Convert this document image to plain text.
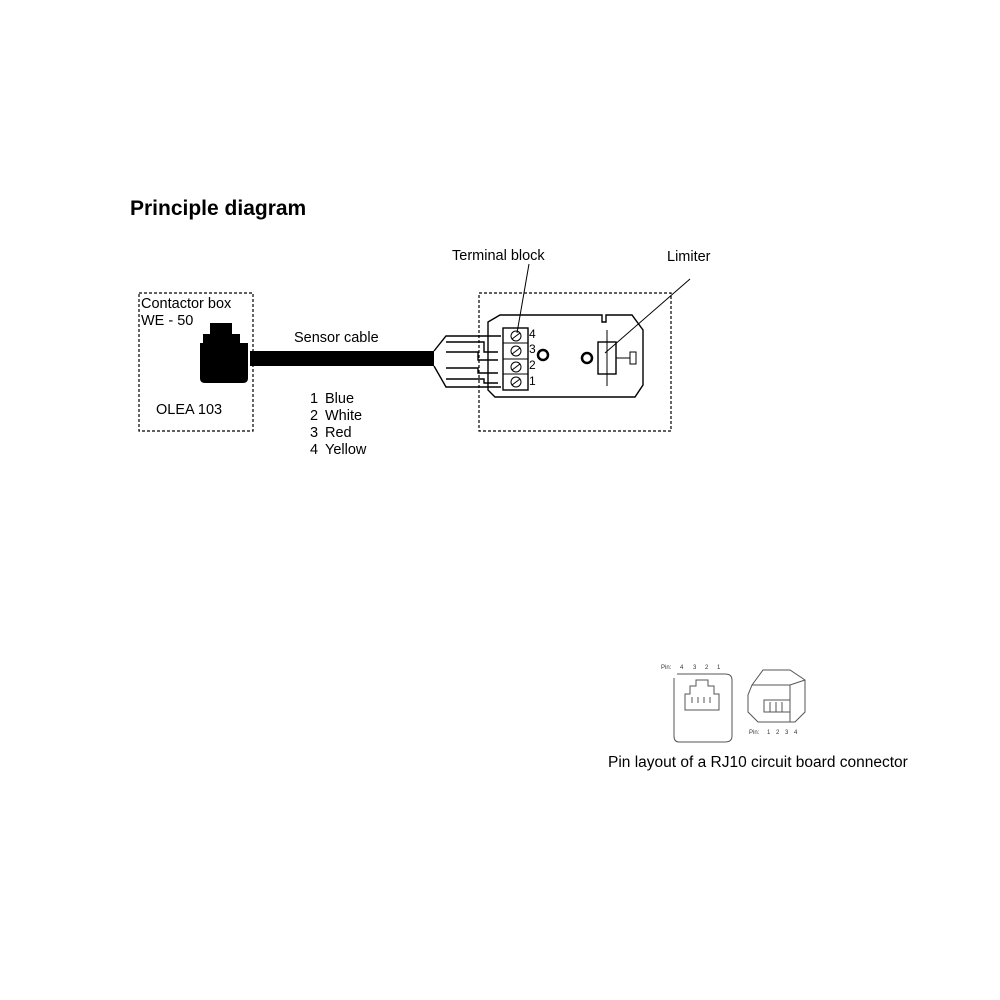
Principle diagram
Contactor box
WE - 50
OLEA 103
Sensor cable
1 Blue
2 White
3 Red
4 Yellow
4
3
2
1
Terminal block	Limiter
Pin: 4 3 2 1
Pin: 1 2 3 4
Pin layout of a RJ10 circuit board connector
